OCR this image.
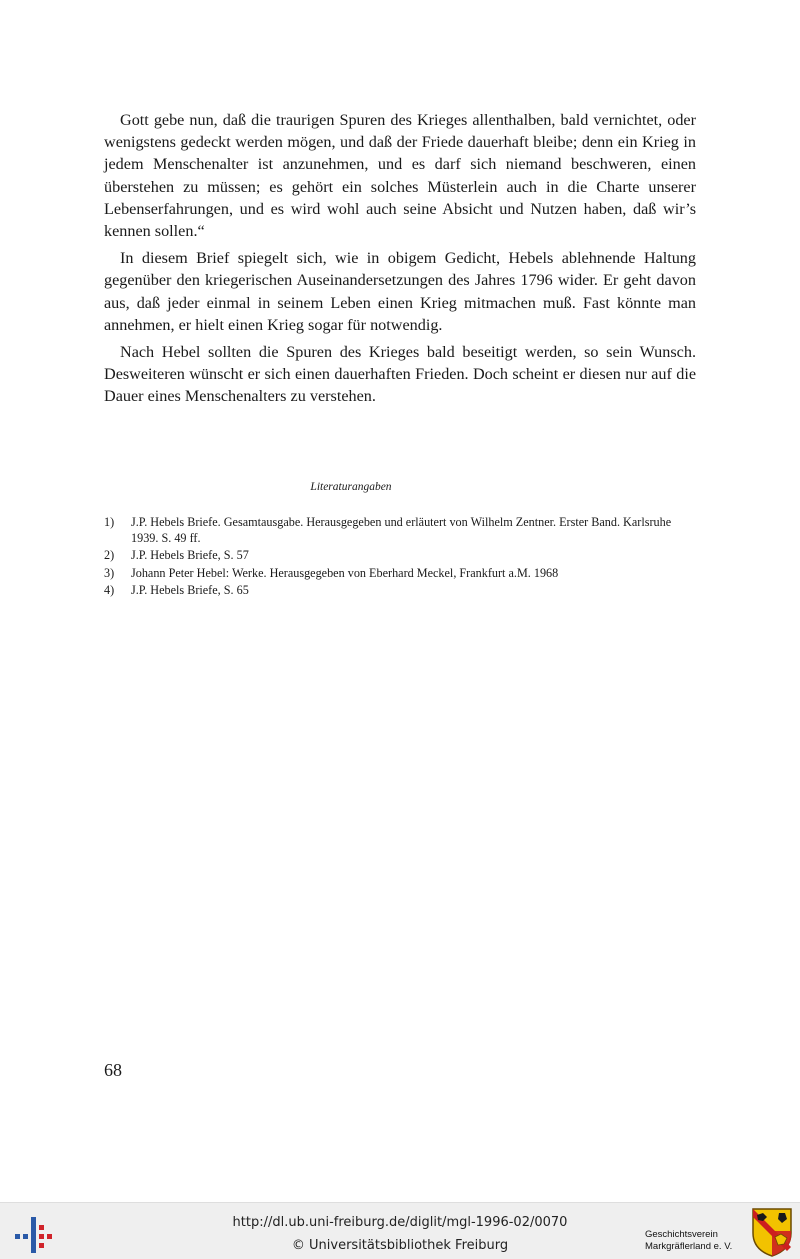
Gott gebe nun, daß die traurigen Spuren des Krieges allenthalben, bald vernichtet, oder wenigstens gedeckt werden mögen, und daß der Friede dauerhaft bleibe; denn ein Krieg in jedem Menschenalter ist anzunehmen, und es darf sich niemand beschweren, einen überstehen zu müssen; es gehört ein solches Müsterlein auch in die Charte unserer Lebenserfahrungen, und es wird wohl auch seine Absicht und Nutzen haben, daß wir’s kennen sollen.“

In diesem Brief spiegelt sich, wie in obigem Gedicht, Hebels ablehnende Haltung gegenüber den kriegerischen Auseinandersetzungen des Jahres 1796 wider. Er geht davon aus, daß jeder einmal in seinem Leben einen Krieg mitmachen muß. Fast könnte man annehmen, er hielt einen Krieg sogar für notwendig.

Nach Hebel sollten die Spuren des Krieges bald beseitigt werden, so sein Wunsch. Desweiteren wünscht er sich einen dauerhaften Frieden. Doch scheint er diesen nur auf die Dauer eines Menschenalters zu verstehen.

Literaturangaben
1) J.P. Hebels Briefe. Gesamtausgabe. Herausgegeben und erläutert von Wilhelm Zentner. Erster Band. Karlsruhe 1939. S. 49 ff.
2) J.P. Hebels Briefe, S. 57
3) Johann Peter Hebel: Werke. Herausgegeben von Eberhard Meckel, Frankfurt a.M. 1968
4) J.P. Hebels Briefe, S. 65
68
http://dl.ub.uni-freiburg.de/diglit/mgl-1996-02/0070
© Universitätsbibliothek Freiburg
Geschichtsverein
Markgräflerland e. V.
